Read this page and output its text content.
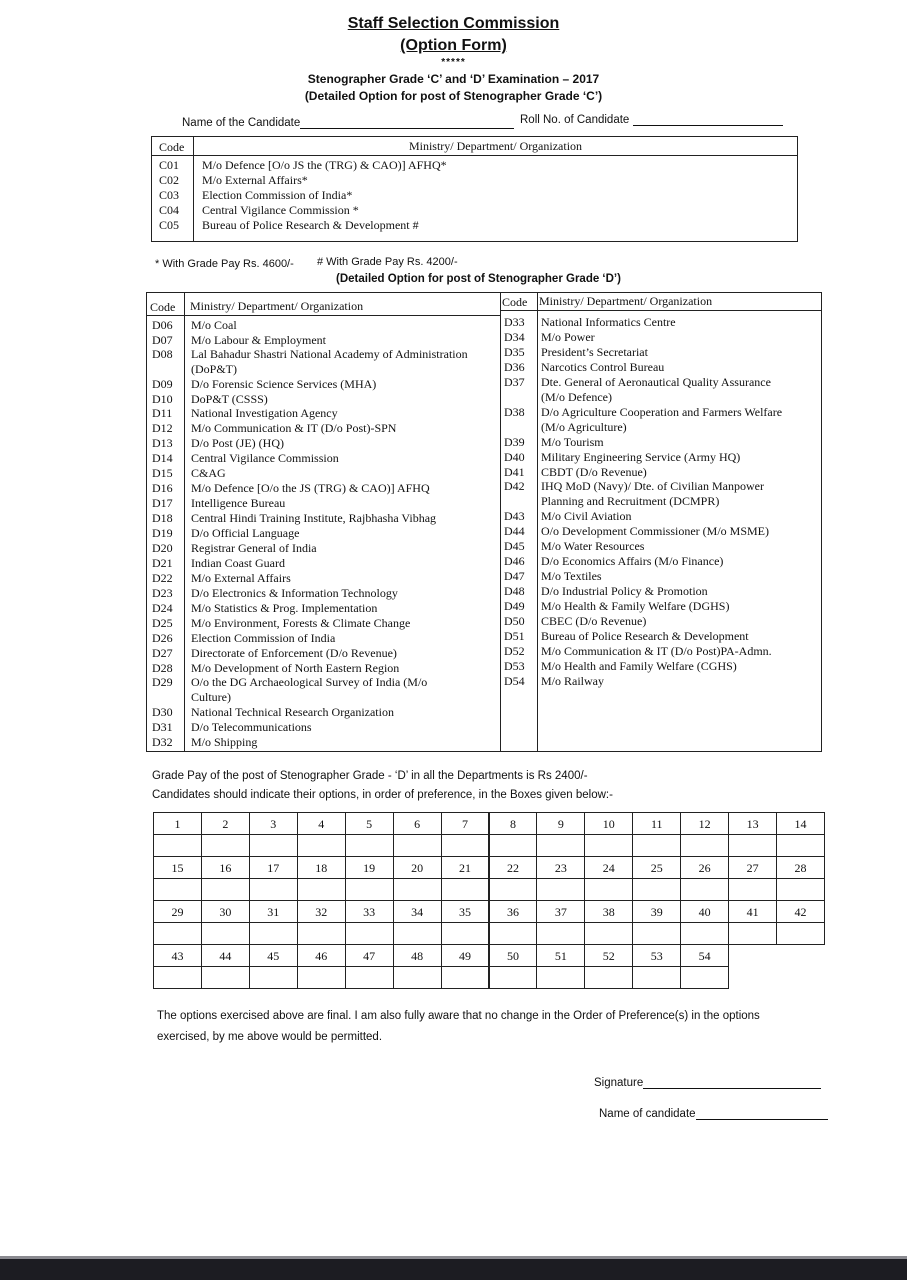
Staff Selection Commission
(Option Form)
*****
Stenographer Grade ‘C’ and ‘D’ Examination – 2017
(Detailed Option for post of Stenographer Grade ‘C’)
Name of the Candidate	Roll No. of Candidate
Code	Ministry/ Department/ Organization
C01 M/o Defence [O/o JS the (TRG) & CAO)] AFHQ*
C02 M/o External Affairs*
C03 Election Commission of India*
C04 Central Vigilance Commission *
C05 Bureau of Police Research & Development #
* With Grade Pay Rs. 4600/- # With Grade Pay Rs. 4200/-
(Detailed Option for post of Stenographer Grade ‘D’)
Code Ministry/ Department/ Organization	Code Ministry/ Department/ Organization
D06 M/o Coal
D07 M/o Labour & Employment
D08 Lal Bahadur Shastri National Academy of Administration
(DoP&T)
D09 D/o Forensic Science Services (MHA)
D10 DoP&T (CSSS)
D11 National Investigation Agency
D12 M/o Communication & IT (D/o Post)-SPN
D13 D/o Post (JE) (HQ)
D14 Central Vigilance Commission
D15 C&AG
D16 M/o Defence [O/o the JS (TRG) & CAO)] AFHQ
D17 Intelligence Bureau
D18 Central Hindi Training Institute, Rajbhasha Vibhag
D19 D/o Official Language
D20 Registrar General of India
D21 Indian Coast Guard
D22 M/o External Affairs
D23 D/o Electronics & Information Technology
D24 M/o Statistics & Prog. Implementation
D25 M/o Environment, Forests & Climate Change
D26 Election Commission of India
D27 Directorate of Enforcement (D/o Revenue)
D28 M/o Development of North Eastern Region
D29 O/o the DG Archaeological Survey of India (M/o
Culture)
D30 National Technical Research Organization
D31 D/o Telecommunications
D32 M/o Shipping
D33 National Informatics Centre
D34 M/o Power
D35 President’s Secretariat
D36 Narcotics Control Bureau
D37 Dte. General of Aeronautical Quality Assurance
(M/o Defence)
D38 D/o Agriculture Cooperation and Farmers Welfare
(M/o Agriculture)
D39 M/o Tourism
D40 Military Engineering Service (Army HQ)
D41 CBDT (D/o Revenue)
D42 IHQ MoD (Navy)/ Dte. of Civilian Manpower
Planning and Recruitment (DCMPR)
D43 M/o Civil Aviation
D44 O/o Development Commissioner (M/o MSME)
D45 M/o Water Resources
D46 D/o Economics Affairs (M/o Finance)
D47 M/o Textiles
D48 D/o Industrial Policy & Promotion
D49 M/o Health & Family Welfare (DGHS)
D50 CBEC (D/o Revenue)
D51 Bureau of Police Research & Development
D52 M/o Communication & IT (D/o Post)PA-Admn.
D53 M/o Health and Family Welfare (CGHS)
D54 M/o Railway
Grade Pay of the post of Stenographer Grade - ‘D’ in all the Departments is Rs 2400/-
Candidates should indicate their options, in order of preference, in the Boxes given below:-
1	2	3	4	5	6	7	8	9	10	11	12	13	14
15	16	17	18	19	20	21	22	23	24	25	26	27	28
29	30	31	32	33	34	35	36	37	38	39	40	41	42
43	44	45	46	47	48	49	50	51	52	53	54
The options exercised above are final. I am also fully aware that no change in the Order of Preference(s) in the options
exercised, by me above would be permitted.
Signature
Name of candidate
